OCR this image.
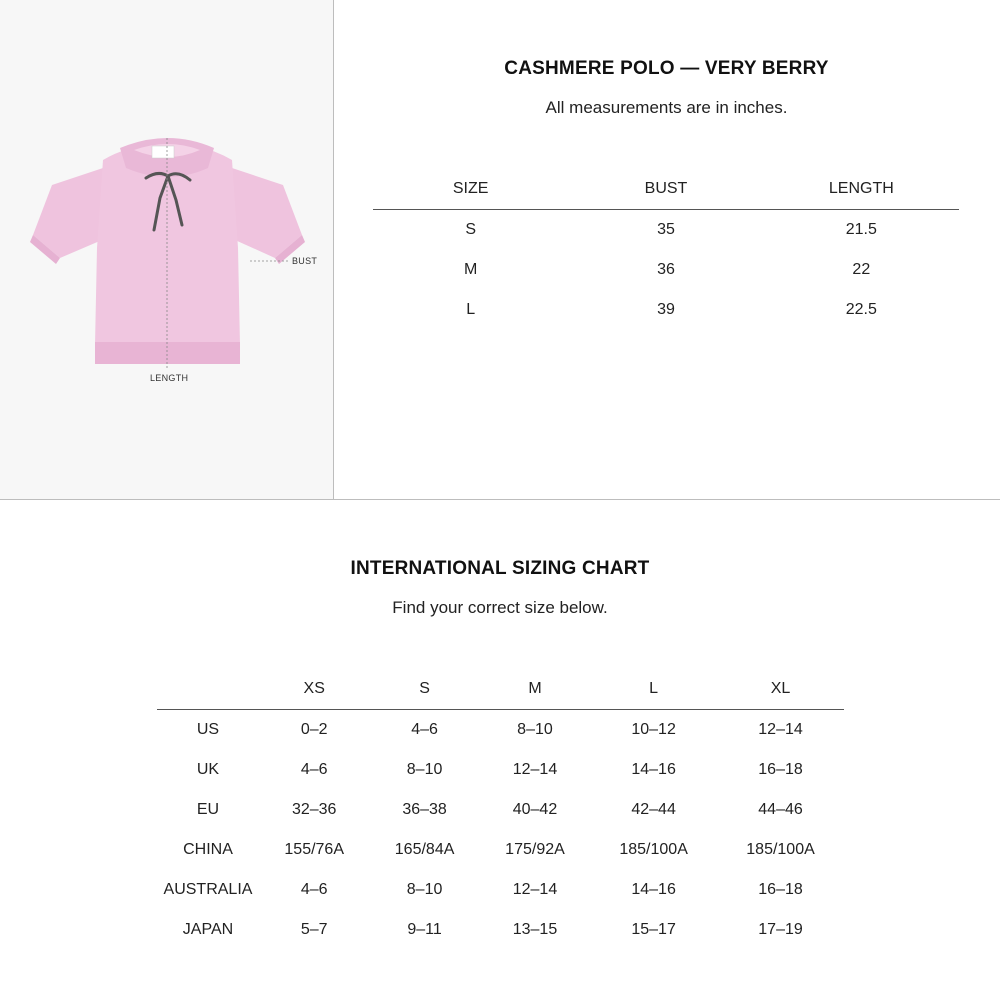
BUST
LENGTH
CASHMERE POLO — VERY BERRY
All measurements are in inches.
SIZE	BUST	LENGTH
S	35	21.5
M	36	22
L	39	22.5
INTERNATIONAL SIZING CHART
Find your correct size below.
	XS	S	M	L	XL
US	0–2	4–6	8–10	10–12	12–14
UK	4–6	8–10	12–14	14–16	16–18
EU	32–36	36–38	40–42	42–44	44–46
CHINA	155/76A	165/84A	175/92A	185/100A	185/100A
AUSTRALIA	4–6	8–10	12–14	14–16	16–18
JAPAN	5–7	9–11	13–15	15–17	17–19
